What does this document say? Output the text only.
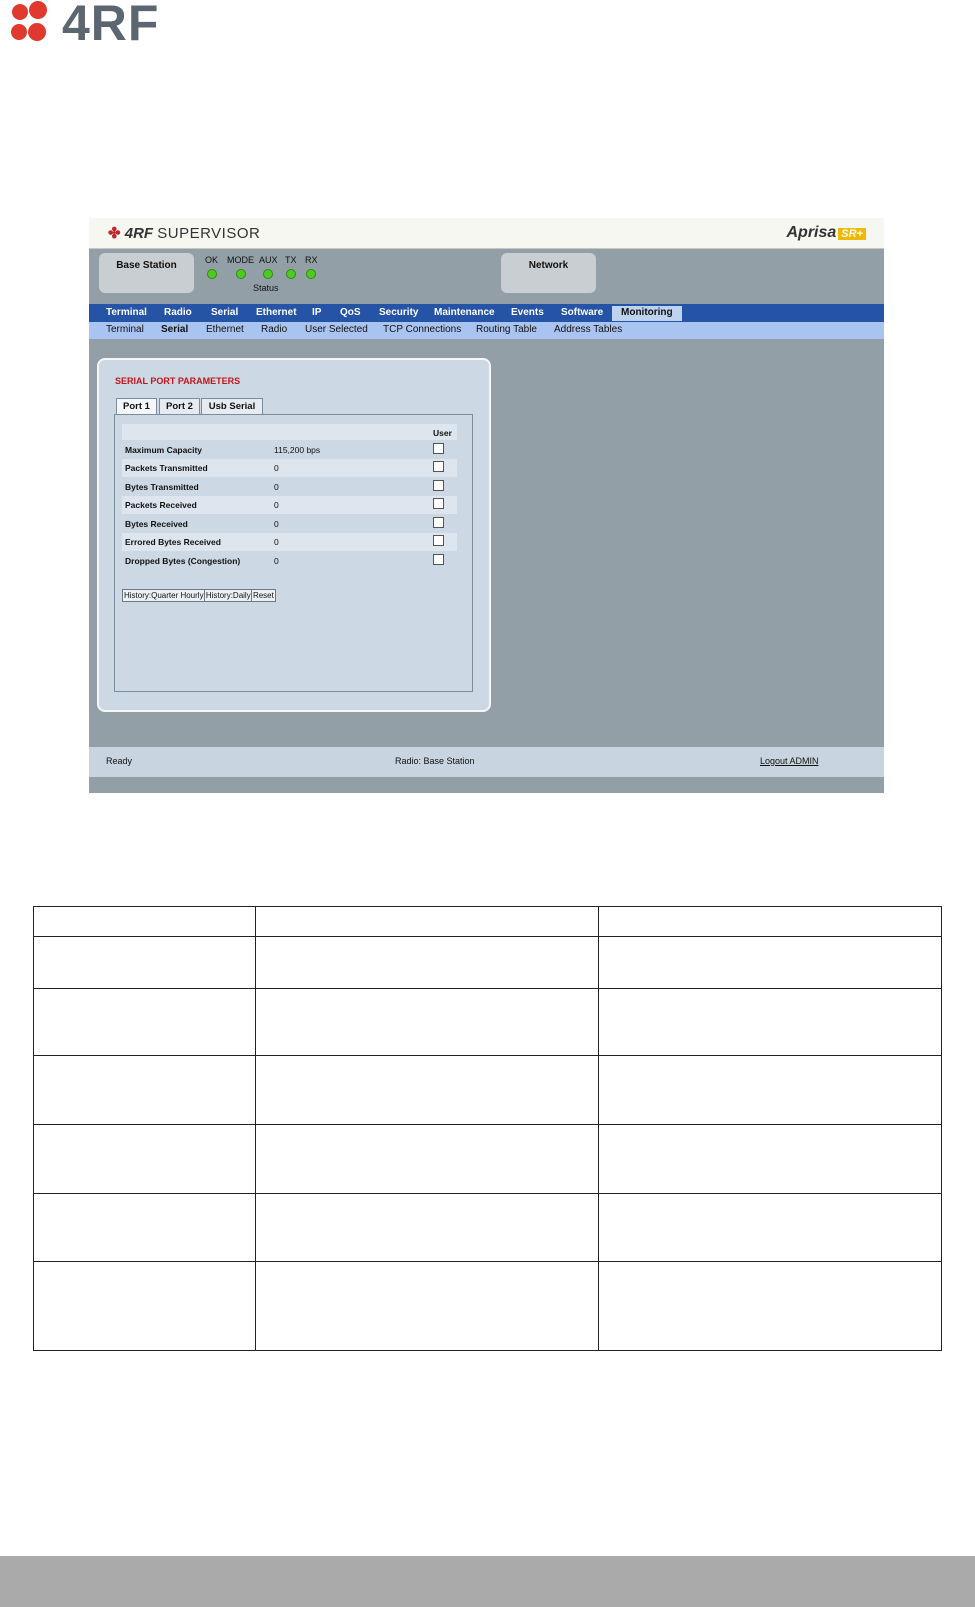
4RF
✤ 4RF SUPERVISOR	Aprisa SR+
Base Station	OK MODE AUX TX RX
Status
Network
Terminal Radio Serial Ethernet IP QoS Security Maintenance Events Software	Monitoring
Terminal Serial Ethernet Radio User Selected TCP Connections Routing Table Address Tables
SERIAL PORT PARAMETERS
Port 1	Port 2	Usb Serial
User
Maximum Capacity	115,200 bps
Packets Transmitted	0
Bytes Transmitted	0
Packets Received	0
Bytes Received	0
Errored Bytes Received	0
Dropped Bytes (Congestion)	0
History:Quarter Hourly History:Daily Reset
Ready	Radio: Base Station	Logout ADMIN
